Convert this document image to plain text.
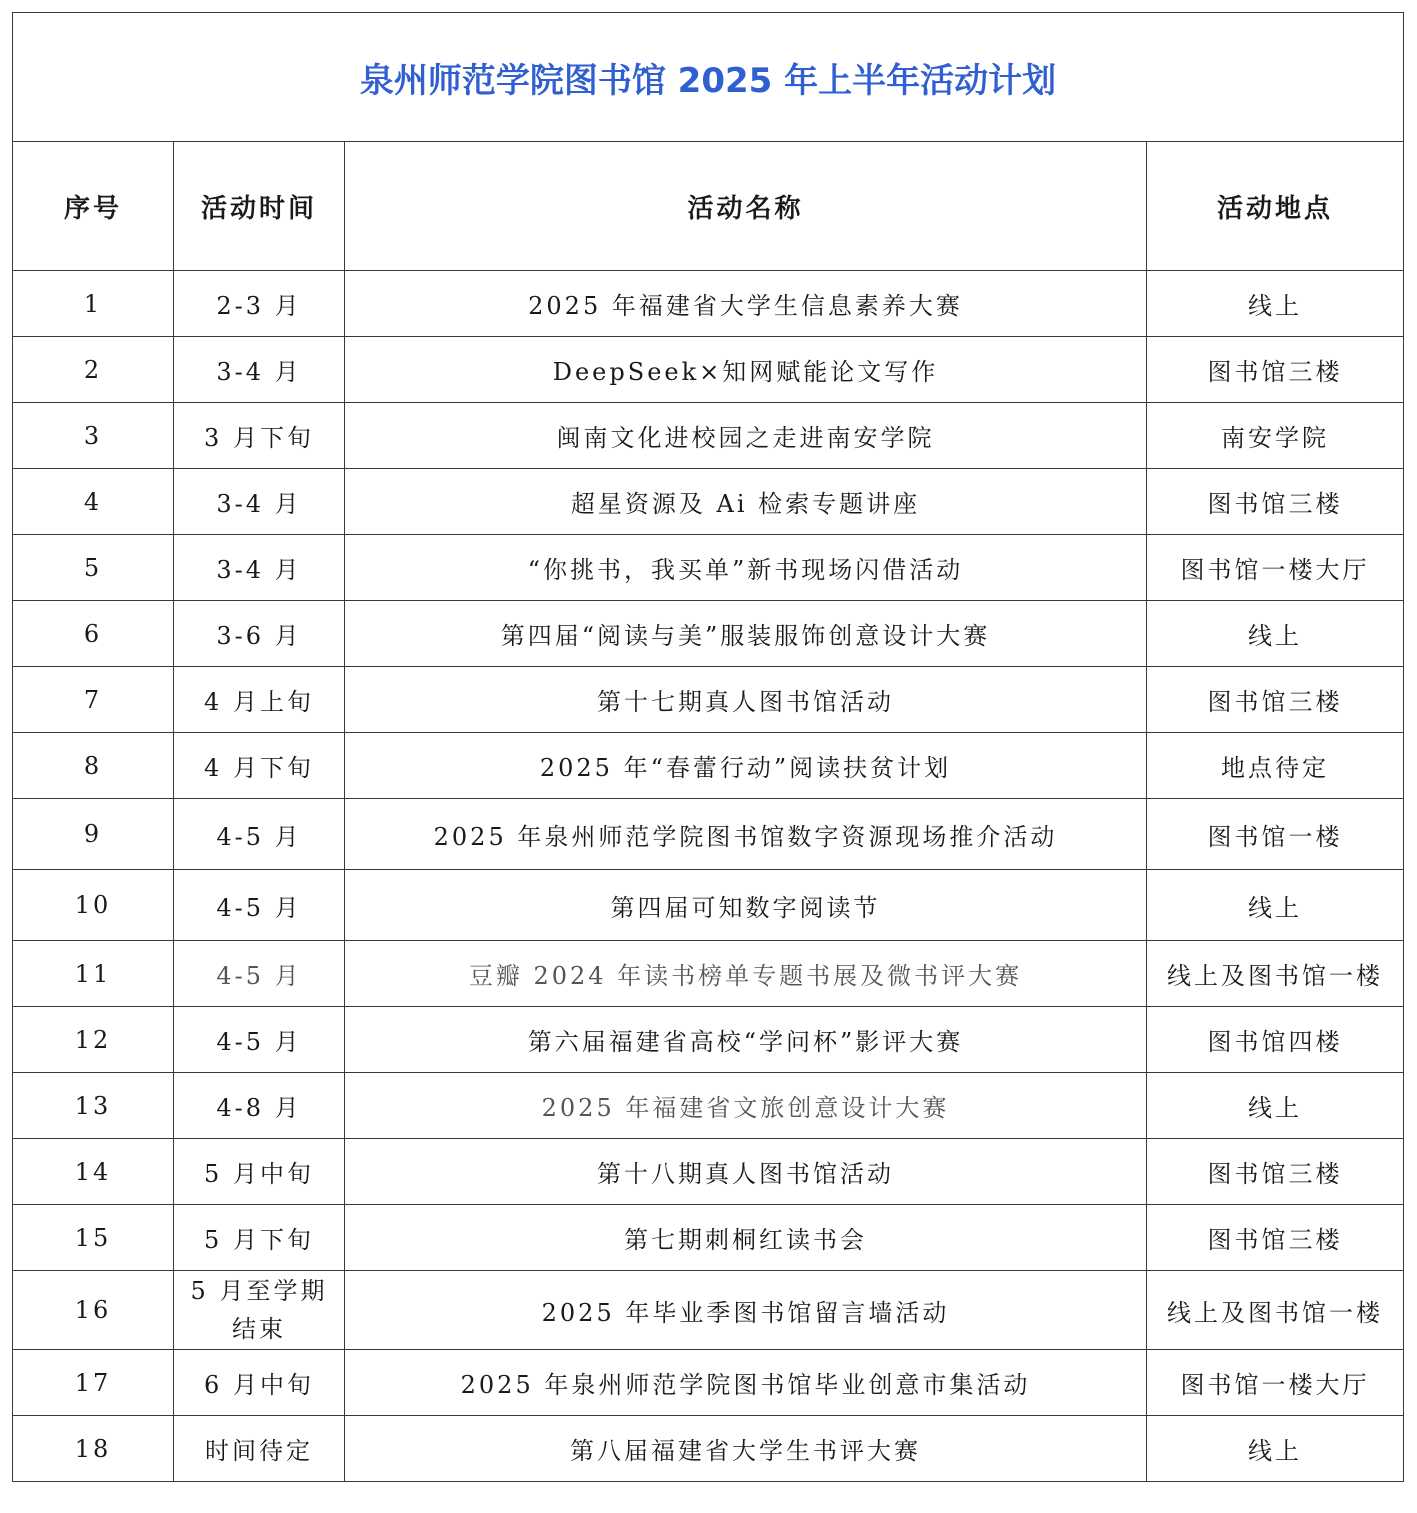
泉州师范学院图书馆 2025 年上半年活动计划			
序号	活动时间	活动名称	活动地点
1	2-3 月	2025 年福建省大学生信息素养大赛	线上
2	3-4 月	DeepSeek×知网赋能论文写作	图书馆三楼
3	3 月下旬	闽南文化进校园之走进南安学院	南安学院
4	3-4 月	超星资源及 Ai 检索专题讲座	图书馆三楼
5	3-4 月	“你挑书，我买单”新书现场闪借活动	图书馆一楼大厅
6	3-6 月	第四届“阅读与美”服装服饰创意设计大赛	线上
7	4 月上旬	第十七期真人图书馆活动	图书馆三楼
8	4 月下旬	2025 年“春蕾行动”阅读扶贫计划	地点待定
9	4-5 月	2025 年泉州师范学院图书馆数字资源现场推介活动	图书馆一楼
10	4-5 月	第四届可知数字阅读节	线上
11	4-5 月	豆瓣 2024 年读书榜单专题书展及微书评大赛	线上及图书馆一楼
12	4-5 月	第六届福建省高校“学问杯”影评大赛	图书馆四楼
13	4-8 月	2025 年福建省文旅创意设计大赛	线上
14	5 月中旬	第十八期真人图书馆活动	图书馆三楼
15	5 月下旬	第七期刺桐红读书会	图书馆三楼
16	5 月至学期结束	2025 年毕业季图书馆留言墙活动	线上及图书馆一楼
17	6 月中旬	2025 年泉州师范学院图书馆毕业创意市集活动	图书馆一楼大厅
18	时间待定	第八届福建省大学生书评大赛	线上
